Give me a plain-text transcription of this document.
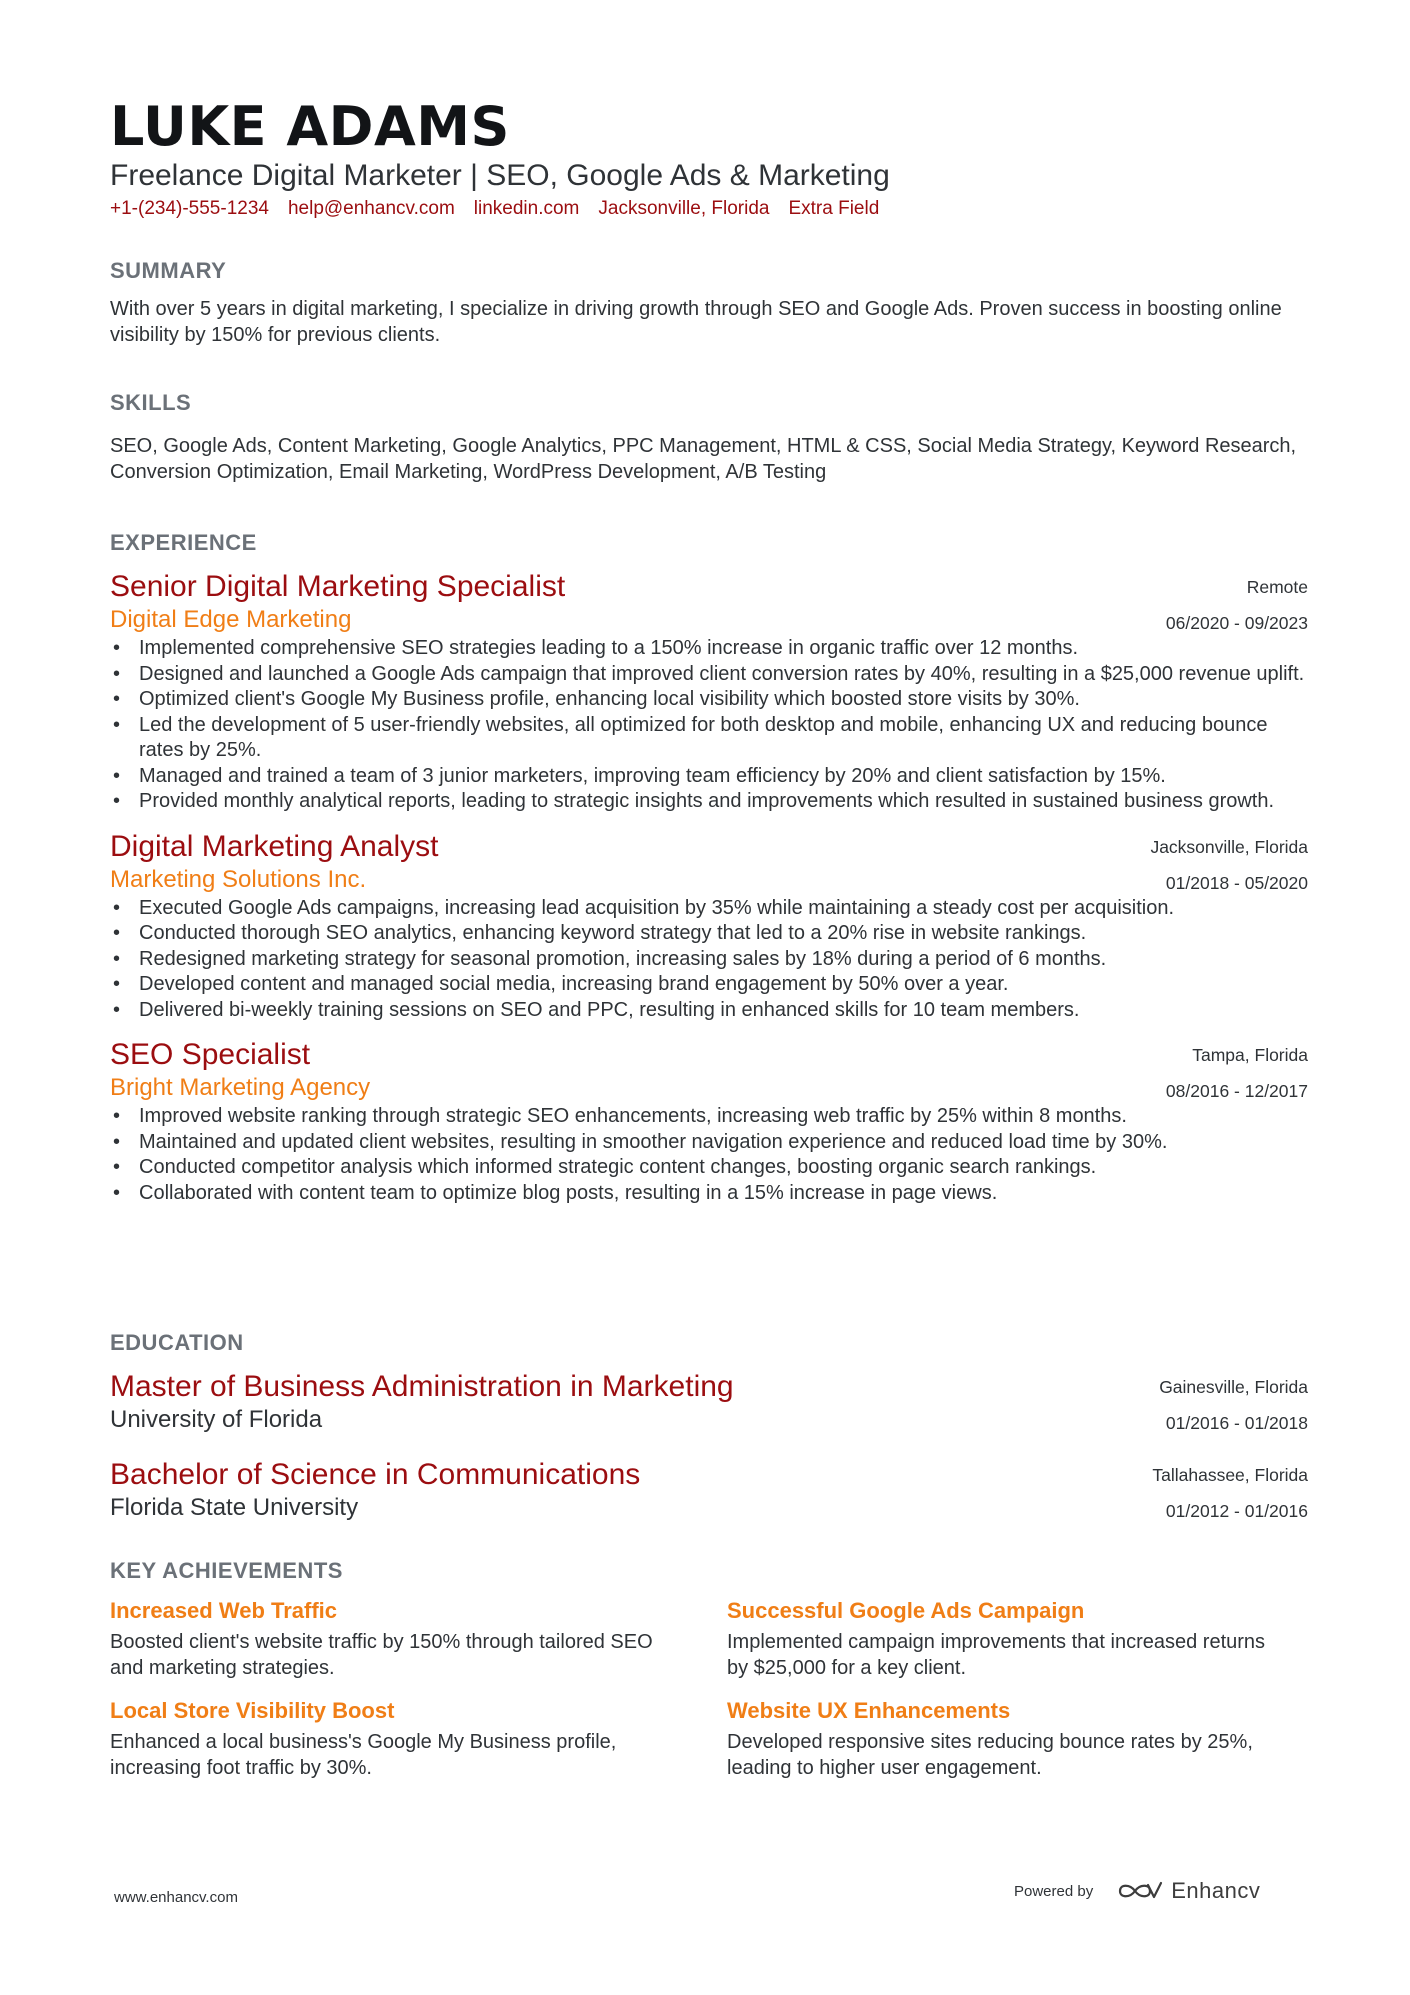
LUKE ADAMS
Freelance Digital Marketer | SEO, Google Ads & Marketing
+1-(234)-555-1234 help@enhancv.com linkedin.com Jacksonville, Florida Extra Field
SUMMARY
With over 5 years in digital marketing, I specialize in driving growth through SEO and Google Ads. Proven success in boosting online visibility by 150% for previous clients.
SKILLS
SEO, Google Ads, Content Marketing, Google Analytics, PPC Management, HTML & CSS, Social Media Strategy, Keyword Research, Conversion Optimization, Email Marketing, WordPress Development, A/B Testing
EXPERIENCE
Senior Digital Marketing Specialist
Digital Edge Marketing
Remote
06/2020 - 09/2023
• Implemented comprehensive SEO strategies leading to a 150% increase in organic traffic over 12 months.
• Designed and launched a Google Ads campaign that improved client conversion rates by 40%, resulting in a $25,000 revenue uplift.
• Optimized client's Google My Business profile, enhancing local visibility which boosted store visits by 30%.
• Led the development of 5 user-friendly websites, all optimized for both desktop and mobile, enhancing UX and reducing bounce rates by 25%.
• Managed and trained a team of 3 junior marketers, improving team efficiency by 20% and client satisfaction by 15%.
• Provided monthly analytical reports, leading to strategic insights and improvements which resulted in sustained business growth.
Digital Marketing Analyst
Marketing Solutions Inc.
Jacksonville, Florida
01/2018 - 05/2020
• Executed Google Ads campaigns, increasing lead acquisition by 35% while maintaining a steady cost per acquisition.
• Conducted thorough SEO analytics, enhancing keyword strategy that led to a 20% rise in website rankings.
• Redesigned marketing strategy for seasonal promotion, increasing sales by 18% during a period of 6 months.
• Developed content and managed social media, increasing brand engagement by 50% over a year.
• Delivered bi-weekly training sessions on SEO and PPC, resulting in enhanced skills for 10 team members.
SEO Specialist
Bright Marketing Agency
Tampa, Florida
08/2016 - 12/2017
• Improved website ranking through strategic SEO enhancements, increasing web traffic by 25% within 8 months.
• Maintained and updated client websites, resulting in smoother navigation experience and reduced load time by 30%.
• Conducted competitor analysis which informed strategic content changes, boosting organic search rankings.
• Collaborated with content team to optimize blog posts, resulting in a 15% increase in page views.
EDUCATION
Master of Business Administration in Marketing
University of Florida
Gainesville, Florida
01/2016 - 01/2018
Bachelor of Science in Communications
Florida State University
Tallahassee, Florida
01/2012 - 01/2016
KEY ACHIEVEMENTS
Increased Web Traffic
Boosted client's website traffic by 150% through tailored SEO and marketing strategies.
Successful Google Ads Campaign
Implemented campaign improvements that increased returns by $25,000 for a key client.
Local Store Visibility Boost
Enhanced a local business's Google My Business profile, increasing foot traffic by 30%.
Website UX Enhancements
Developed responsive sites reducing bounce rates by 25%, leading to higher user engagement.
www.enhancv.com	Powered by	Enhancv
